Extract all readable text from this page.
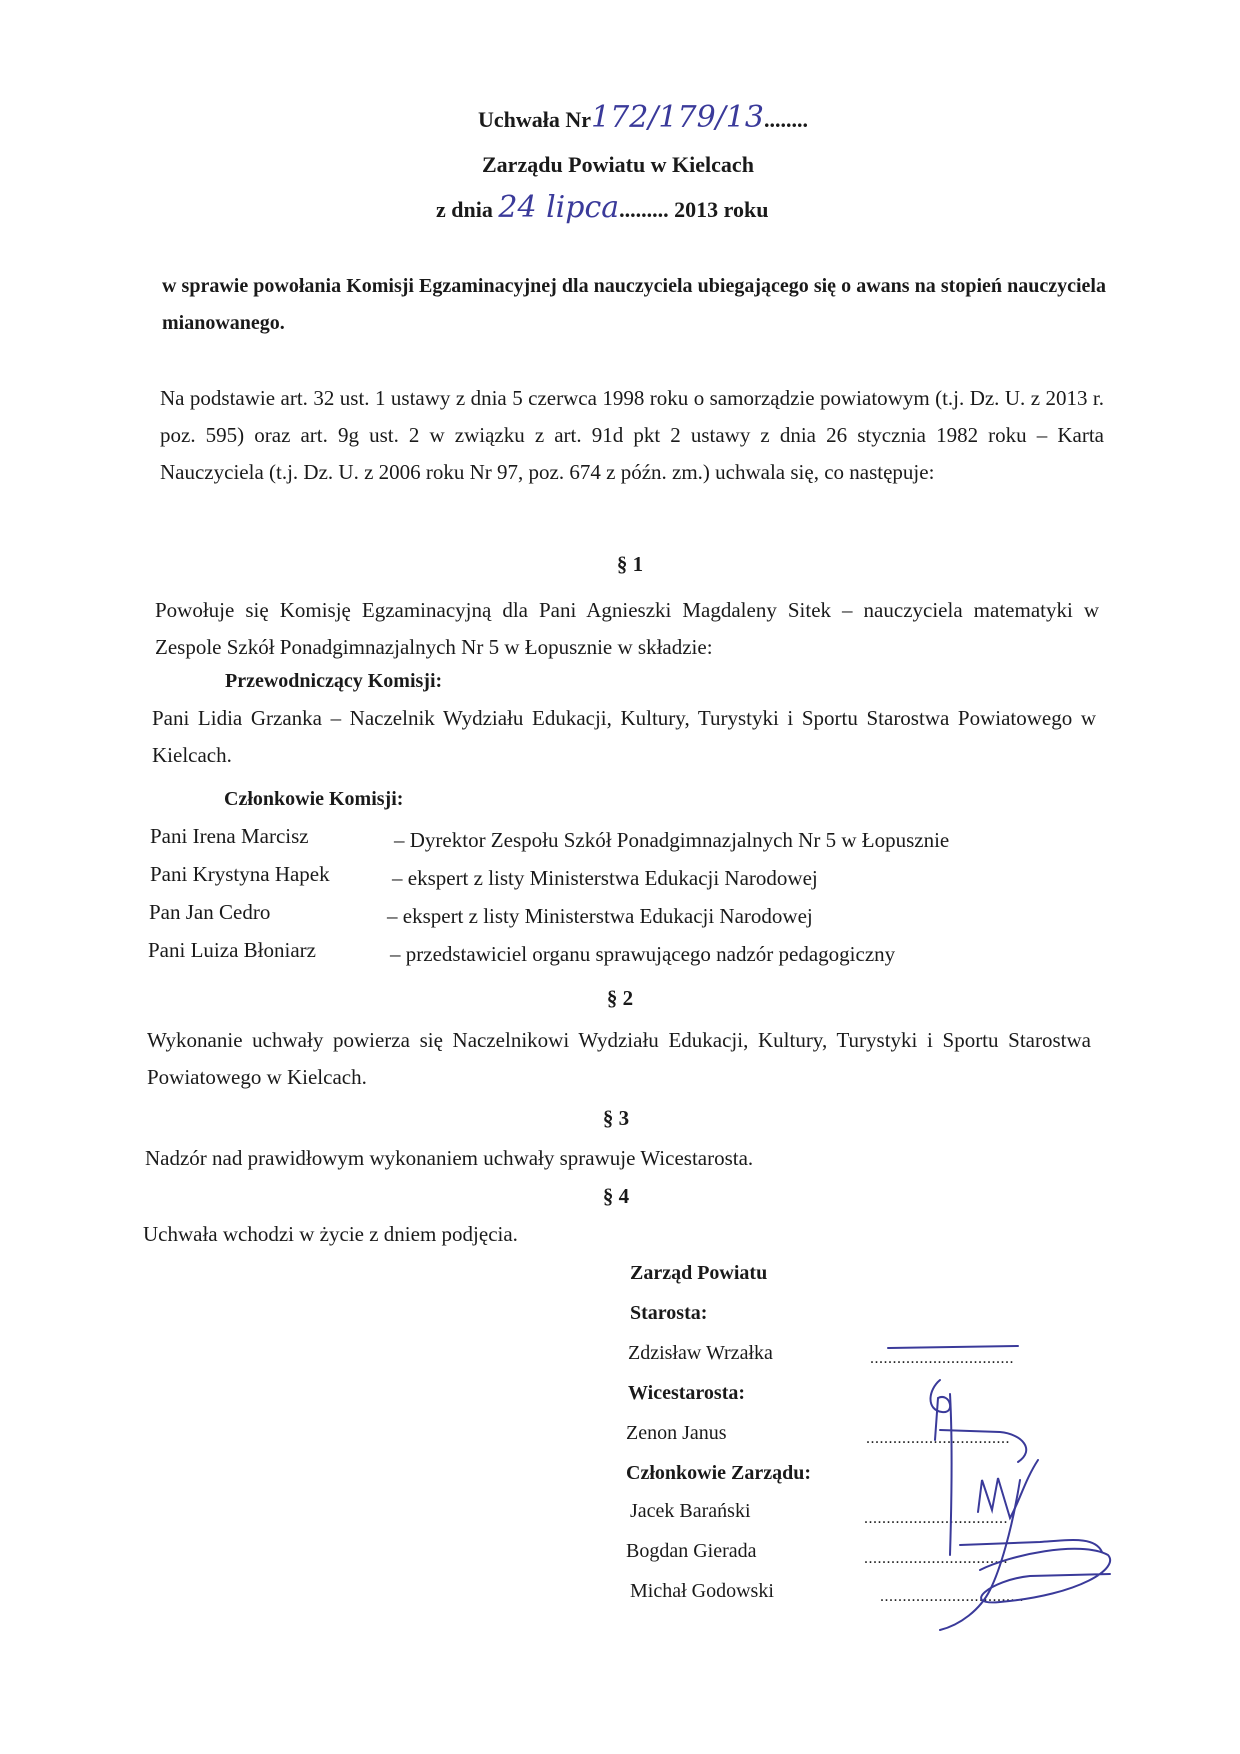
Uchwała Nr172/179/13........
Zarządu Powiatu w Kielcach
z dnia 24 lipca......... 2013 roku

w sprawie powołania Komisji Egzaminacyjnej dla nauczyciela ubiegającego się o awans na stopień nauczyciela mianowanego.

Na podstawie art. 32 ust. 1 ustawy z dnia 5 czerwca 1998 roku o samorządzie powiatowym (t.j. Dz. U. z 2013 r. poz. 595) oraz art. 9g ust. 2 w związku z art. 91d pkt 2 ustawy z dnia 26 stycznia 1982 roku – Karta Nauczyciela (t.j. Dz. U. z 2006 roku Nr 97, poz. 674 z późn. zm.) uchwala się, co następuje:

§ 1

Powołuje się Komisję Egzaminacyjną dla Pani Agnieszki Magdaleny Sitek – nauczyciela matematyki w Zespole Szkół Ponadgimnazjalnych Nr 5 w Łopusznie w składzie:

Przewodniczący Komisji:

Pani Lidia Grzanka – Naczelnik Wydziału Edukacji, Kultury, Turystyki i Sportu Starostwa Powiatowego w Kielcach.

Członkowie Komisji:
Pani Irena Marcisz	– Dyrektor Zespołu Szkół Ponadgimnazjalnych Nr 5 w Łopusznie
Pani Krystyna Hapek	– ekspert z listy Ministerstwa Edukacji Narodowej
Pan Jan Cedro	– ekspert z listy Ministerstwa Edukacji Narodowej
Pani Luiza Błoniarz	– przedstawiciel organu sprawującego nadzór pedagogiczny
§ 2

Wykonanie uchwały powierza się Naczelnikowi Wydziału Edukacji, Kultury, Turystyki i Sportu Starostwa Powiatowego w Kielcach.

§ 3

Nadzór nad prawidłowym wykonaniem uchwały sprawuje Wicestarosta.

§ 4

Uchwała wchodzi w życie z dniem podjęcia.

Zarząd Powiatu
Starosta:
Zdzisław Wrzałka	................................
Wicestarosta:
Zenon Janus	................................
Członkowie Zarządu:
Jacek Barański	................................
Bogdan Gierada	................................
Michał Godowski	................................
